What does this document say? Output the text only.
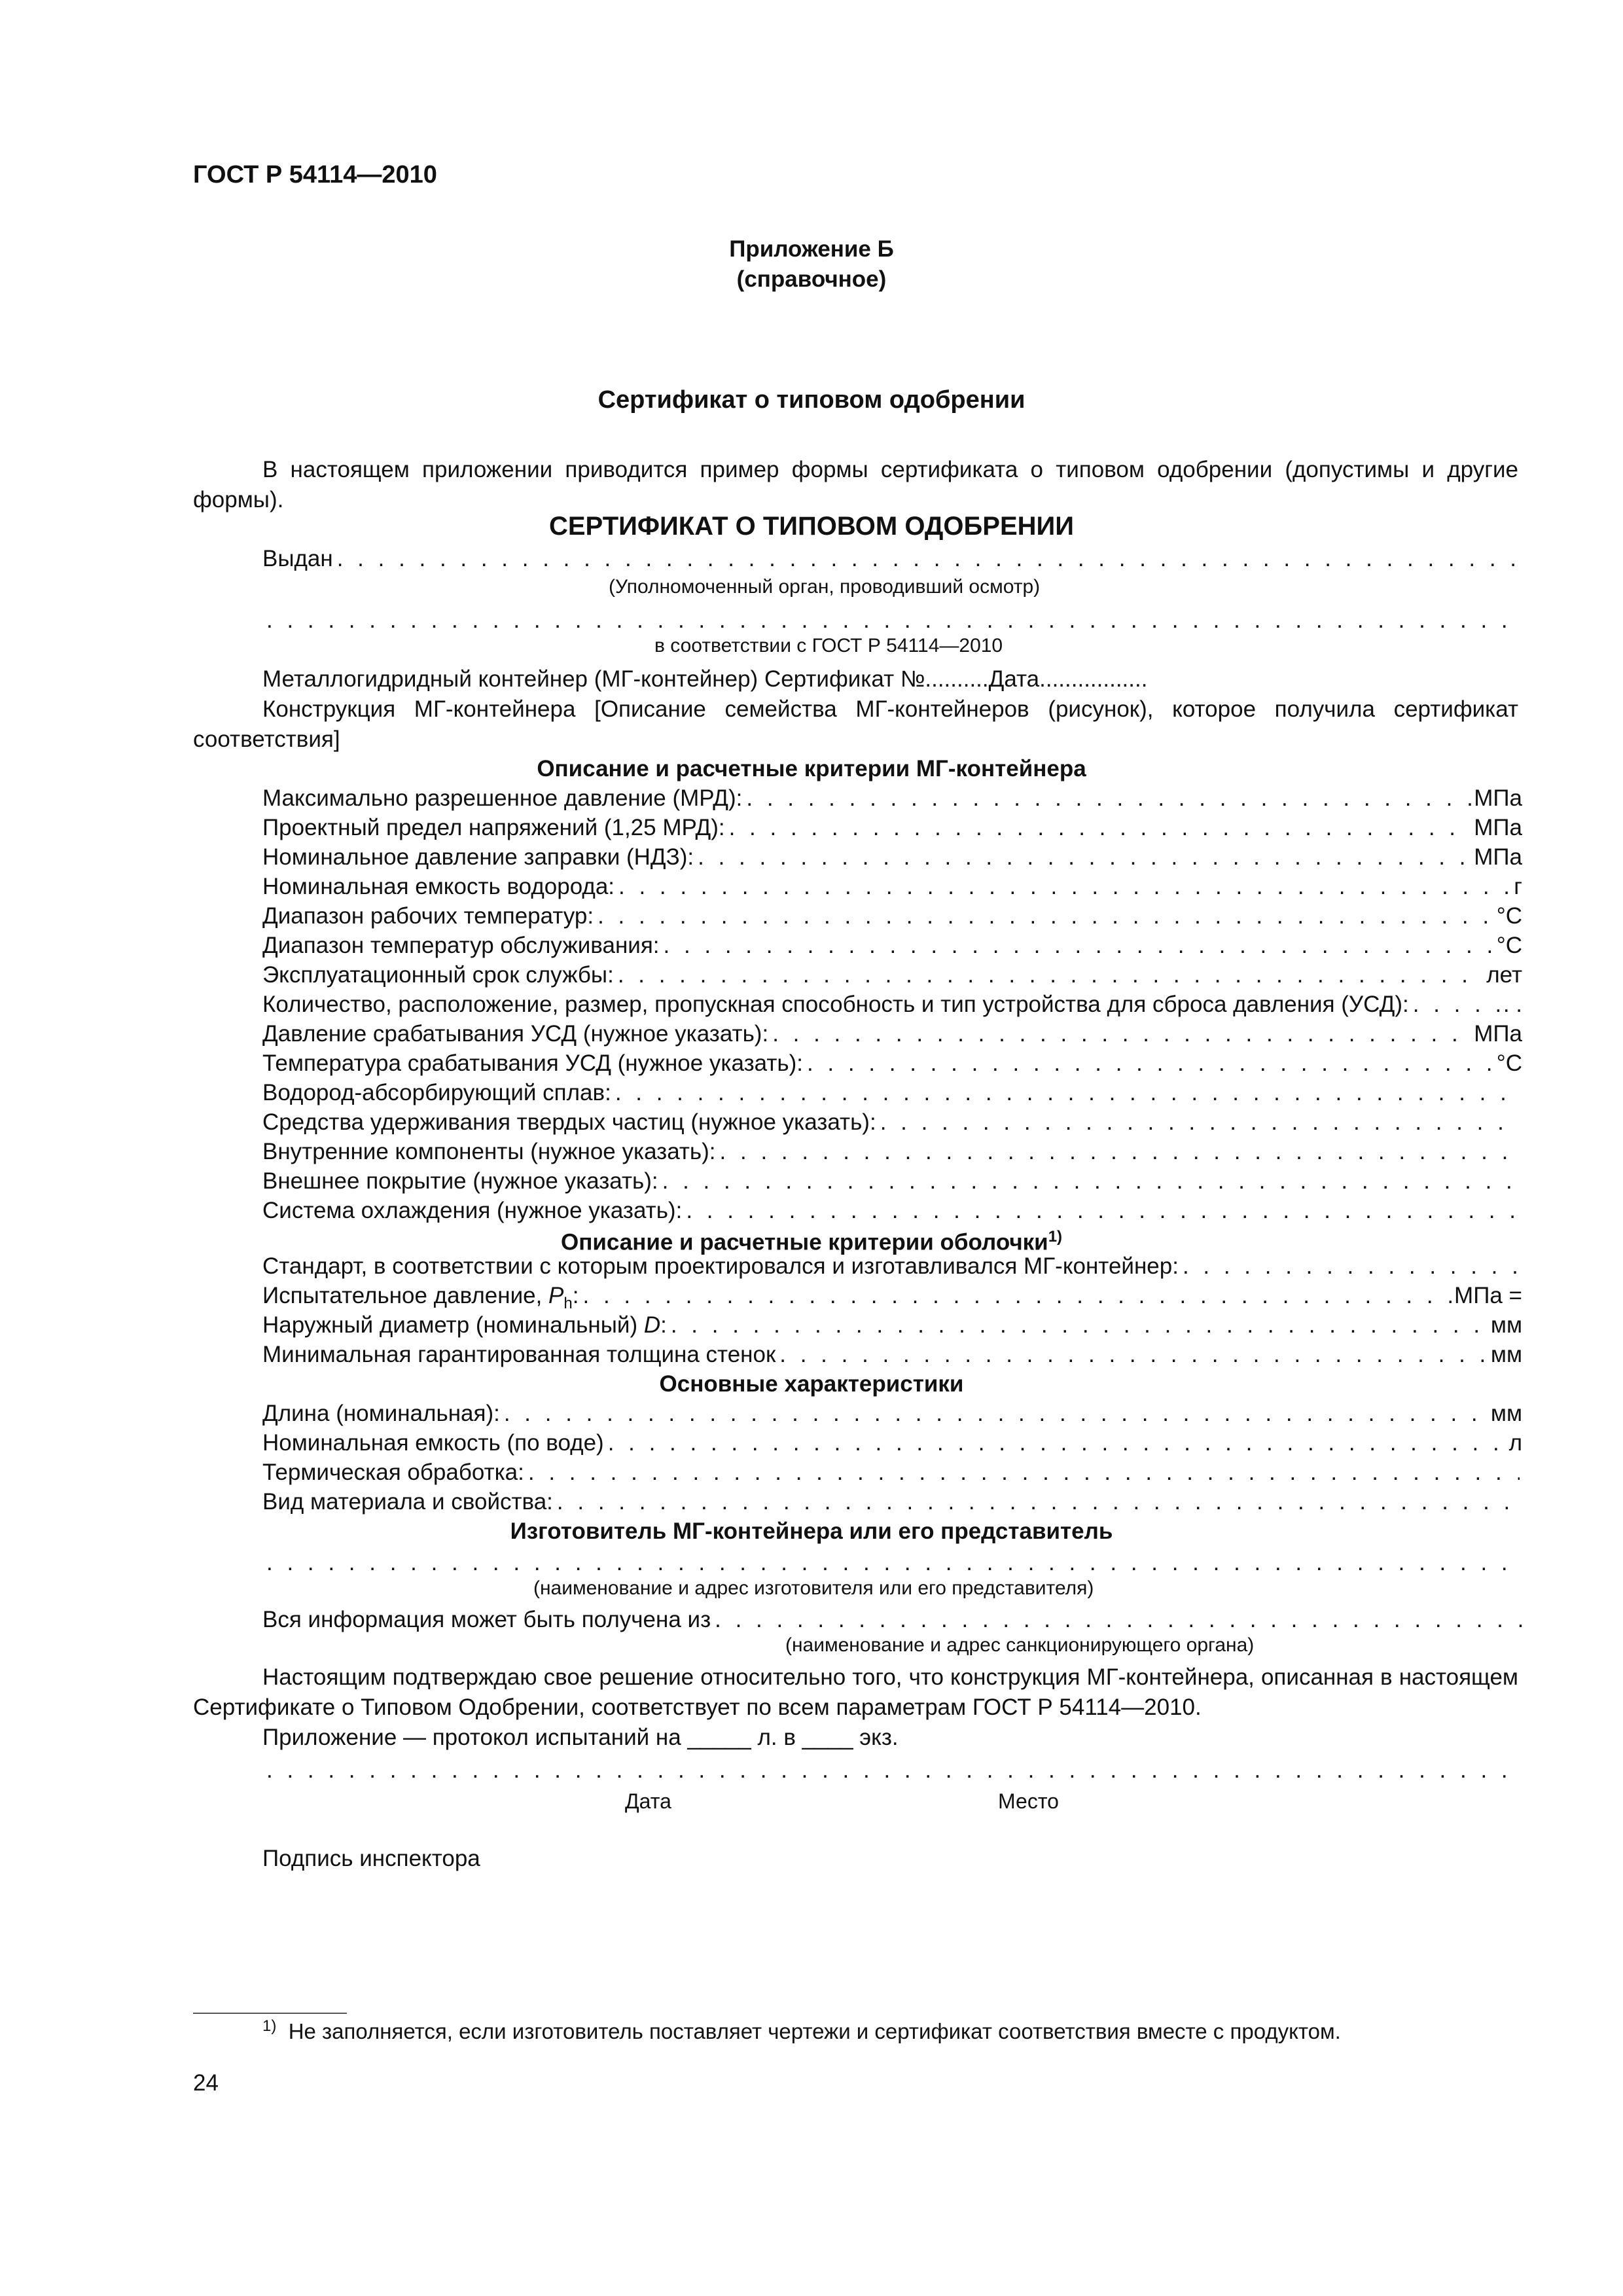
ГОСТ Р 54114—2010
Приложение Б
(справочное)
Сертификат о типовом одобрении
В настоящем приложении приводится пример формы сертификата о типовом одобрении (допустимы и другие формы).
СЕРТИФИКАТ О ТИПОВОМ ОДОБРЕНИИ
Выдан
. . .
(Уполномоченный орган, проводивший осмотр)
. . .
в соответствии с ГОСТ Р 54114—2010
Металлогидридный контейнер (МГ-контейнер) Сертификат №..........Дата.................
Конструкция МГ-контейнера [Описание семейства МГ-контейнеров (рисунок), которое получила сертификат соответствия]
Описание и расчетные критерии МГ-контейнера
Максимально разрешенное давление (МРД): . . .	МПа
Проектный предел напряжений (1,25 МРД): . . .	МПа
Номинальное давление заправки (НДЗ): . . .	МПа
Номинальная емкость водорода: . . .	г
Диапазон рабочих температур: . . .	°С
Диапазон температур обслуживания: . . .	°С
Эксплуатационный срок службы: . . .	лет
Количество, расположение, размер, пропускная способность и тип устройства для сброса давления (УСД): . . .	. .
Давление срабатывания УСД (нужное указать): . . .	МПа
Температура срабатывания УСД (нужное указать): . . .	°С
Водород-абсорбирующий сплав:
. . .
Средства удерживания твердых частиц (нужное указать):
. . .
Внутренние компоненты (нужное указать):
. . .
Внешнее покрытие (нужное указать):
. . .
Система охлаждения (нужное указать):
. . .
Описание и расчетные критерии оболочки$^{1)}$
Стандарт, в соответствии с которым проектировался и изготавливался МГ-контейнер:
. . .
Испытательное давление, $P_h$: . . .	МПа =
Наружный диаметр (номинальный) D: . . .	мм
Минимальная гарантированная толщина стенок . . .	мм
Основные характеристики
Длина (номинальная): . . .	мм
Номинальная емкость (по воде) . . .	л
Термическая обработка:
. . .
Вид материала и свойства:
. . .
Изготовитель МГ-контейнера или его представитель
. . .
(наименование и адрес изготовителя или его представителя)
Вся информация может быть получена из
. . .
(наименование и адрес санкционирующего органа)
Настоящим подтверждаю свое решение относительно того, что конструкция МГ-контейнера, описанная в настоящем Сертификате о Типовом Одобрении, соответствует по всем параметрам ГОСТ Р 54114—2010.
Приложение — протокол испытаний на _____ л. в ____ экз.
. . .
Дата	Место
Подпись инспектора
$^{1)}$ Не заполняется, если изготовитель поставляет чертежи и сертификат соответствия вместе с продуктом.
24
